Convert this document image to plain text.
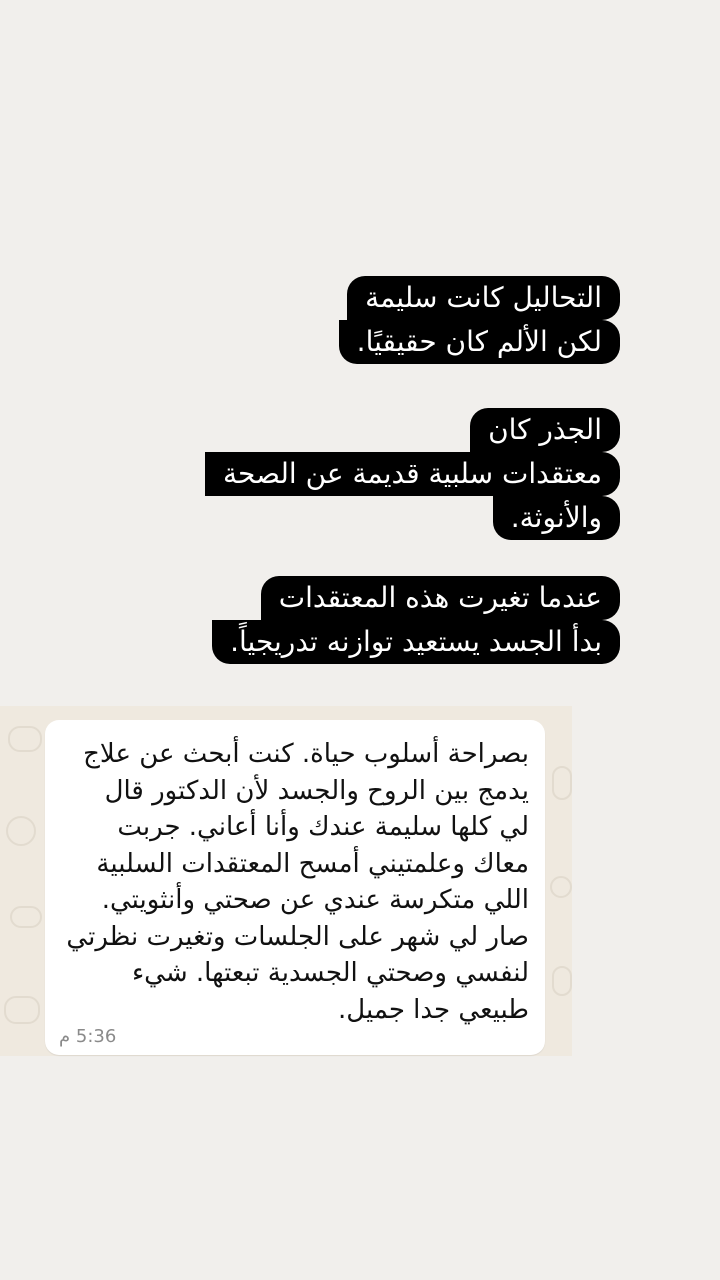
التحاليل كانت سليمة
لكن الألم كان حقيقيًا.
الجذر كان
معتقدات سلبية قديمة عن الصحة
والأنوثة.
عندما تغيرت هذه المعتقدات
بدأ الجسد يستعيد توازنه تدريجياً.
بصراحة أسلوب حياة. كنت أبحث عن علاج
يدمج بين الروح والجسد لأن الدكتور قال
لي كلها سليمة عندك وأنا أعاني. جربت
معاك وعلمتيني أمسح المعتقدات السلبية
اللي متكرسة عندي عن صحتي وأنثويتي.
صار لي شهر على الجلسات وتغيرت نظرتي
لنفسي وصحتي الجسدية تبعتها. شيء
طبيعي جدا جميل.
5:36 م
